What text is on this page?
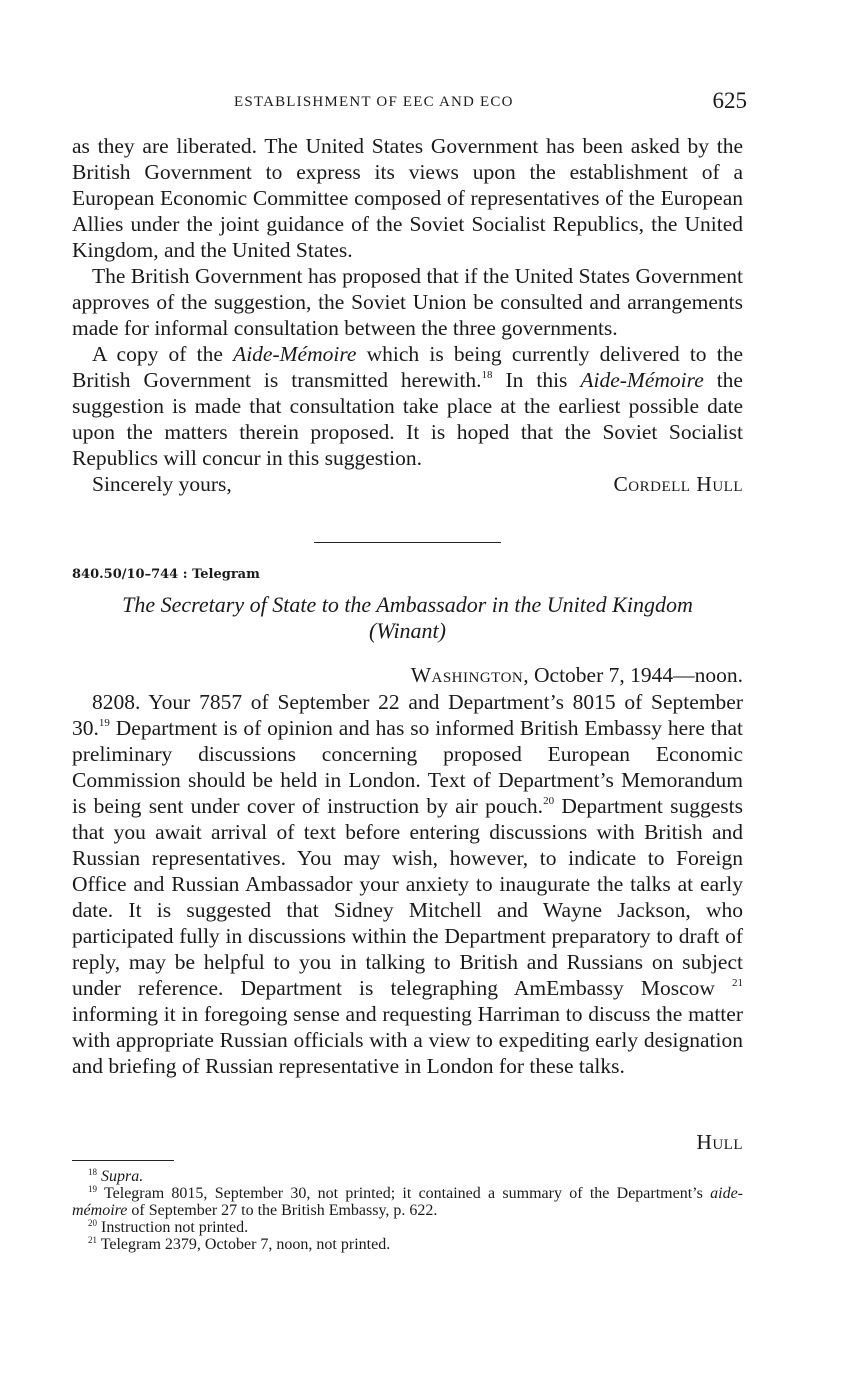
ESTABLISHMENT OF EEC AND ECO	625

as they are liberated. The United States Government has been asked by the British Government to express its views upon the establishment of a European Economic Committee composed of representatives of the European Allies under the joint guidance of the Soviet Socialist Republics, the United Kingdom, and the United States.

The British Government has proposed that if the United States Government approves of the suggestion, the Soviet Union be consulted and arrangements made for informal consultation between the three governments.

A copy of the Aide-Mémoire which is being currently delivered to the British Government is transmitted herewith.$^{18}$ In this Aide-Mémoire the suggestion is made that consultation take place at the earliest possible date upon the matters therein proposed. It is hoped that the Soviet Socialist Republics will concur in this suggestion.

Sincerely yours,	Cordell Hull
840.50/10–744 : Telegram
The Secretary of State to the Ambassador in the United Kingdom
(Winant)
Washington, October 7, 1944—noon.

8208. Your 7857 of September 22 and Department’s 8015 of September 30.19 Department is of opinion and has so informed British Embassy here that preliminary discussions concerning proposed European Economic Commission should be held in London. Text of Department’s Memorandum is being sent under cover of instruction by air pouch.$^{20}$ Department suggests that you await arrival of text before entering discussions with British and Russian representatives. You may wish, however, to indicate to Foreign Office and Russian Ambassador your anxiety to inaugurate the talks at early date. It is suggested that Sidney Mitchell and Wayne Jackson, who participated fully in discussions within the Department preparatory to draft of reply, may be helpful to you in talking to British and Russians on subject under reference. Department is telegraphing AmEmbassy Moscow $^{21}$ informing it in foregoing sense and requesting Harriman to discuss the matter with appropriate Russian officials with a view to expediting early designation and briefing of Russian representative in London for these talks.

Hull

$^{18}$ Supra.

$^{19}$ Telegram 8015, September 30, not printed; it contained a summary of the Department’s aide-mémoire of September 27 to the British Embassy, p. 622.

$^{20}$ Instruction not printed.

$^{21}$ Telegram 2379, October 7, noon, not printed.
